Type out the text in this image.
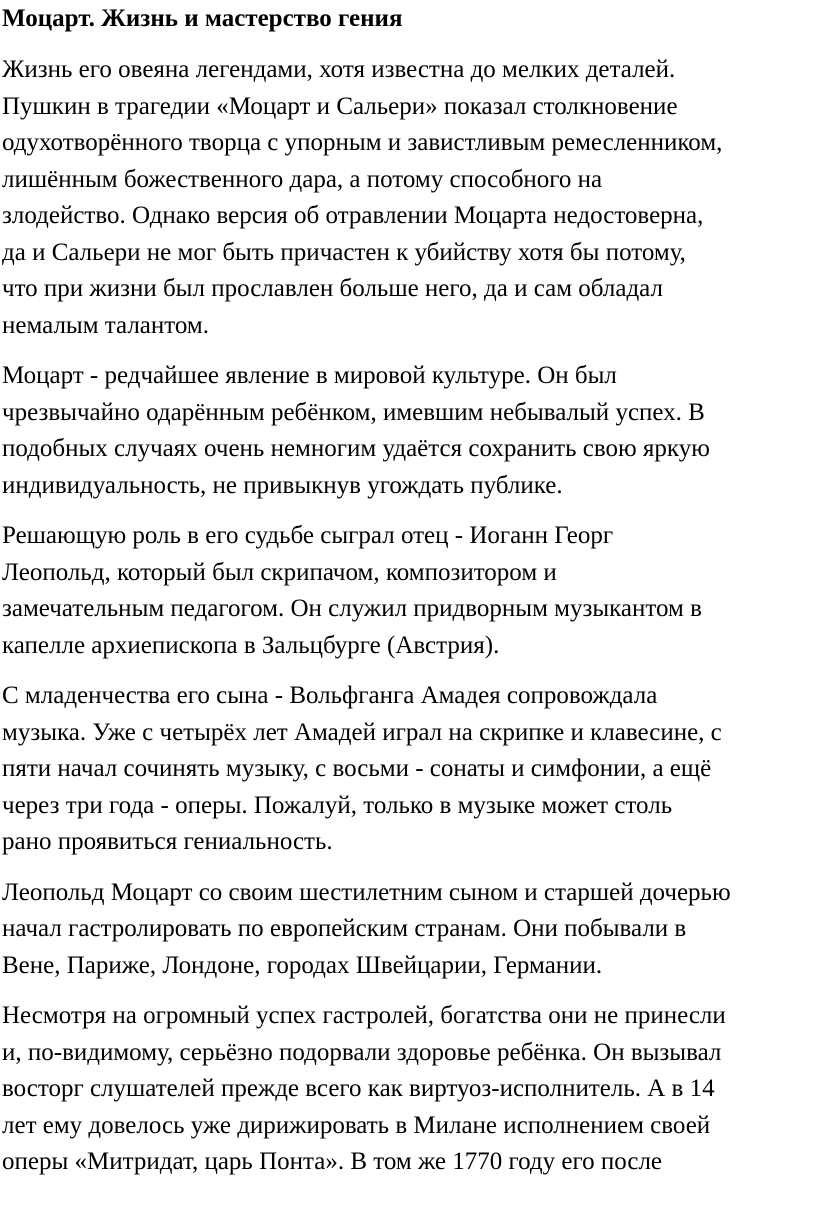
Моцарт. Жизнь и мастерство гения
Жизнь его овеяна легендами, хотя известна до мелких деталей.
Пушкин в трагедии «Моцарт и Сальери» показал столкновение
одухотворённого творца с упорным и завистливым ремесленником,
лишённым божественного дара, а потому способного на
злодейство. Однако версия об отравлении Моцарта недостоверна,
да и Сальери не мог быть причастен к убийству хотя бы потому,
что при жизни был прославлен больше него, да и сам обладал
немалым талантом.
Моцарт - редчайшее явление в мировой культуре. Он был
чрезвычайно одарённым ребёнком, имевшим небывалый успех. В
подобных случаях очень немногим удаётся сохранить свою яркую
индивидуальность, не привыкнув угождать публике.
Решающую роль в его судьбе сыграл отец - Иоганн Георг
Леопольд, который был скрипачом, композитором и
замечательным педагогом. Он служил придворным музыкантом в
капелле архиепископа в Зальцбурге (Австрия).
С младенчества его сына - Вольфганга Амадея сопровождала
музыка. Уже с четырёх лет Амадей играл на скрипке и клавесине, с
пяти начал сочинять музыку, с восьми - сонаты и симфонии, а ещё
через три года - оперы. Пожалуй, только в музыке может столь
рано проявиться гениальность.
Леопольд Моцарт со своим шестилетним сыном и старшей дочерью
начал гастролировать по европейским странам. Они побывали в
Вене, Париже, Лондоне, городах Швейцарии, Германии.
Несмотря на огромный успех гастролей, богатства они не принесли
и, по-видимому, серьёзно подорвали здоровье ребёнка. Он вызывал
восторг слушателей прежде всего как виртуоз-исполнитель. А в 14
лет ему довелось уже дирижировать в Милане исполнением своей
оперы «Митридат, царь Понта». В том же 1770 году его после
